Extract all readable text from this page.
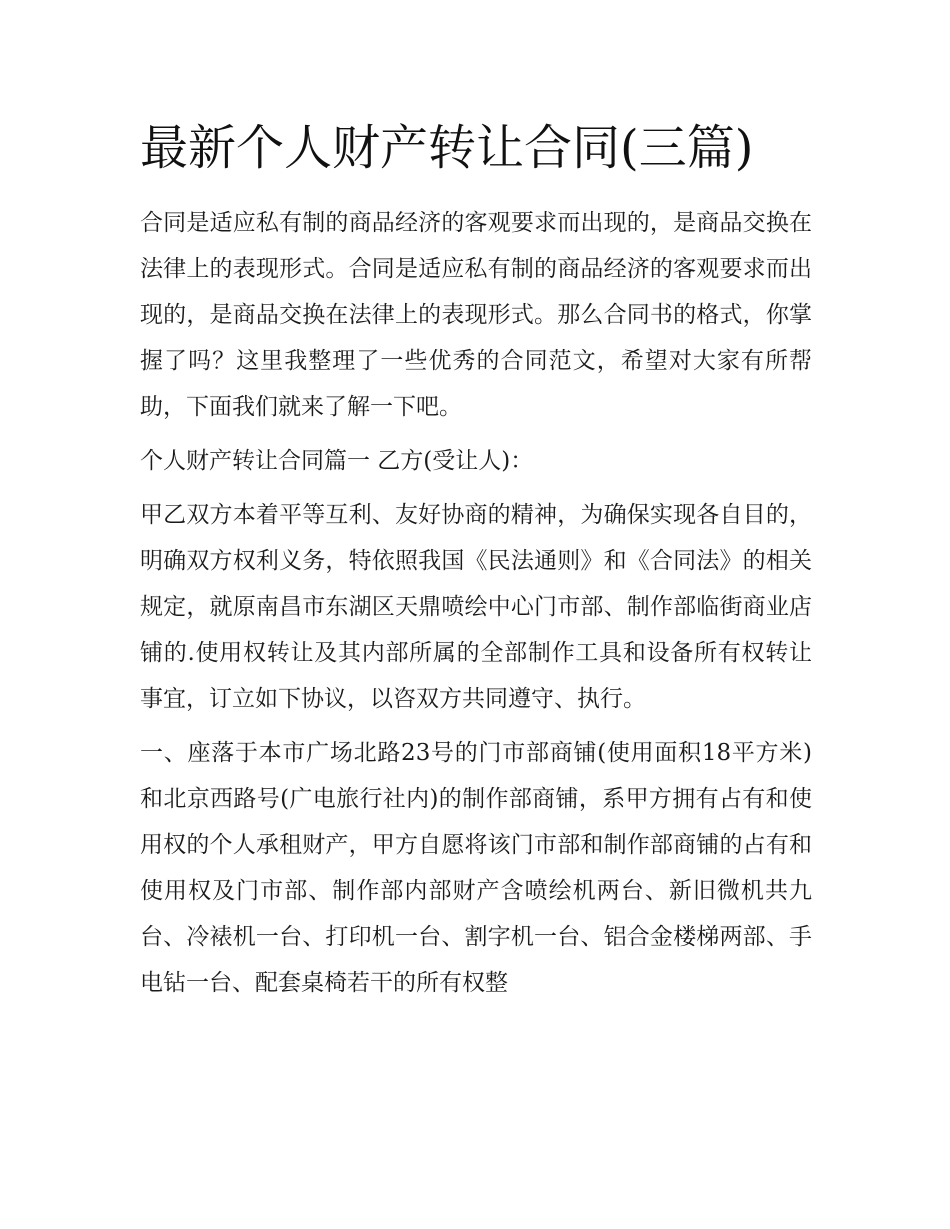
最新个人财产转让合同(三篇)

合同是适应私有制的商品经济的客观要求而出现的，是商品交换在法律上的表现形式。合同是适应私有制的商品经济的客观要求而出现的，是商品交换在法律上的表现形式。那么合同书的格式，你掌握了吗？这里我整理了一些优秀的合同范文，希望对大家有所帮助，下面我们就来了解一下吧。

个人财产转让合同篇一 乙方(受让人)：

甲乙双方本着平等互利、友好协商的精神，为确保实现各自目的，明确双方权利义务，特依照我国《民法通则》和《合同法》的相关规定，就原南昌市东湖区天鼎喷绘中心门市部、制作部临街商业店铺的.使用权转让及其内部所属的全部制作工具和设备所有权转让事宜，订立如下协议，以咨双方共同遵守、执行。

一、座落于本市广场北路23号的门市部商铺(使用面积18平方米)和北京西路号(广电旅行社内)的制作部商铺，系甲方拥有占有和使用权的个人承租财产，甲方自愿将该门市部和制作部商铺的占有和使用权及门市部、制作部内部财产含喷绘机两台、新旧微机共九台、冷裱机一台、打印机一台、割字机一台、铝合金楼梯两部、手电钻一台、配套桌椅若干的所有权整
